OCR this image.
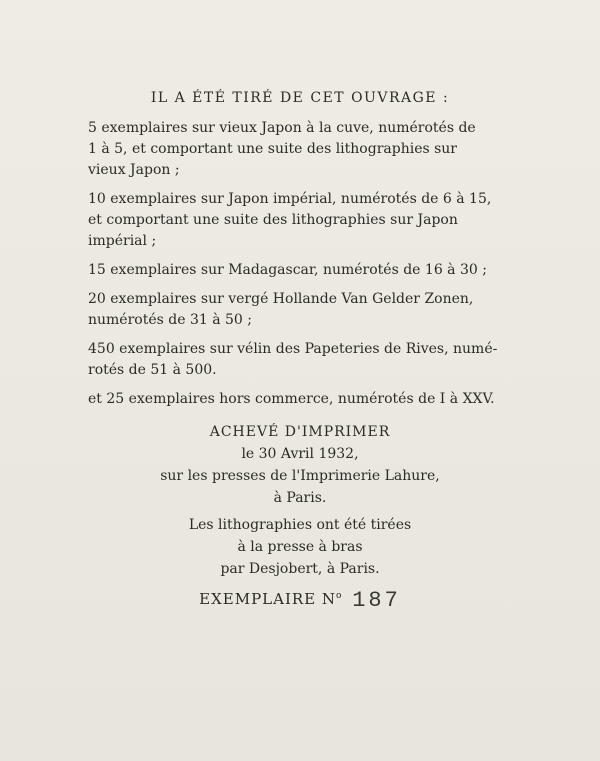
IL A ÉTÉ TIRÉ DE CET OUVRAGE :

5 exemplaires sur vieux Japon à la cuve, numérotés de
1 à 5, et comportant une suite des lithographies sur
vieux Japon ;

10 exemplaires sur Japon impérial, numérotés de 6 à 15,
et comportant une suite des lithographies sur Japon
impérial ;

15 exemplaires sur Madagascar, numérotés de 16 à 30 ;

20 exemplaires sur vergé Hollande Van Gelder Zonen,
numérotés de 31 à 50 ;

450 exemplaires sur vélin des Papeteries de Rives, numé-
rotés de 51 à 500.

et 25 exemplaires hors commerce, numérotés de I à XXV.

ACHEVÉ D'IMPRIMER
le 30 Avril 1932,
sur les presses de l'Imprimerie Lahure,
à Paris.
Les lithographies ont été tirées
à la presse à bras
par Desjobert, à Paris.
EXEMPLAIRE $N^o$ 187
